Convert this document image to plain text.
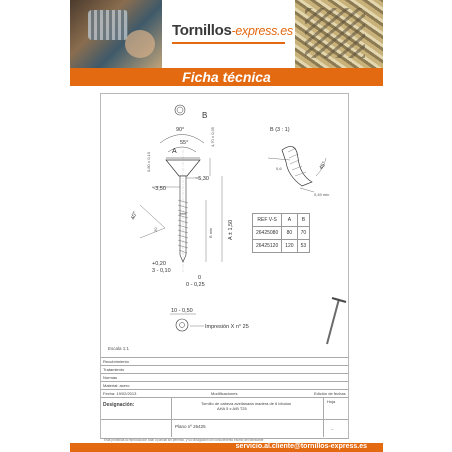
Tornillos-express.es
Ficha técnica
B
90°
55°
A
4,70 ± 0,35
0,80 ± 0,10
~5,30
~3,50
A ± 1,50
B min
40°
20
+0,20
3 - 0,10
0
0 - 0,25
10 - 0,50
Impresión X n° 25
B (3 : 1)
0,6	45°
0,49 min
REF V-S	A	B
26425080	80	70
26425120	120	53
Escala 1:1
Recubrimiento
Tratamiento
Normas
Material: acero
Fecha: 19/02/2013	Modificaciones	Edición de fechas
Designación:	Tornillo de cabeza avellanada madera de 6 lóbulos
AHA 5 x A/B T25
Hoja
Plano nº 26425	--
Está prohibida la reproducción total o parcial sin permiso, y su divulgación sin conocimiento escrito del fabricante
servicio.al.cliente@tornillos-express.es
